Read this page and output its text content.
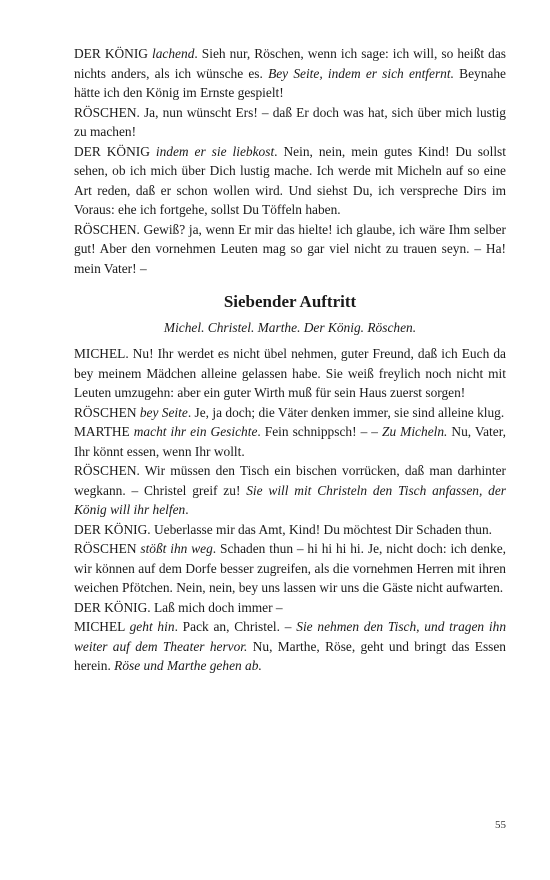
DER KÖNIG lachend. Sieh nur, Röschen, wenn ich sage: ich will, so heißt das nichts anders, als ich wünsche es. Bey Seite, indem er sich entfernt. Beynahe hätte ich den König im Ernste gespielt!

RÖSCHEN. Ja, nun wünscht Ers! – daß Er doch was hat, sich über mich lustig zu machen!

DER KÖNIG indem er sie liebkost. Nein, nein, mein gutes Kind! Du sollst sehen, ob ich mich über Dich lustig mache. Ich werde mit Micheln auf so eine Art reden, daß er schon wollen wird. Und siehst Du, ich verspreche Dirs im Voraus: ehe ich fortgehe, sollst Du Töffeln haben.

RÖSCHEN. Gewiß? ja, wenn Er mir das hielte! ich glaube, ich wäre Ihm selber gut! Aber den vornehmen Leuten mag so gar viel nicht zu trauen seyn. – Ha! mein Vater! –

Siebender Auftritt
Michel. Christel. Marthe. Der König. Röschen.

MICHEL. Nu! Ihr werdet es nicht übel nehmen, guter Freund, daß ich Euch da bey meinem Mädchen alleine gelassen habe. Sie weiß freylich noch nicht mit Leuten umzugehn: aber ein guter Wirth muß für sein Haus zuerst sorgen!

RÖSCHEN bey Seite. Je, ja doch; die Väter denken immer, sie sind alleine klug.

MARTHE macht ihr ein Gesichte. Fein schnippsch! – – Zu Micheln. Nu, Vater, Ihr könnt essen, wenn Ihr wollt.

RÖSCHEN. Wir müssen den Tisch ein bischen vorrücken, daß man darhinter wegkann. – Christel greif zu! Sie will mit Christeln den Tisch anfassen, der König will ihr helfen.

DER KÖNIG. Ueberlasse mir das Amt, Kind! Du möchtest Dir Schaden thun.

RÖSCHEN stößt ihn weg. Schaden thun – hi hi hi hi. Je, nicht doch: ich denke, wir können auf dem Dorfe besser zugreifen, als die vornehmen Herren mit ihren weichen Pfötchen. Nein, nein, bey uns lassen wir uns die Gäste nicht aufwarten.

DER KÖNIG. Laß mich doch immer –

MICHEL geht hin. Pack an, Christel. – Sie nehmen den Tisch, und tragen ihn weiter auf dem Theater hervor. Nu, Marthe, Röse, geht und bringt das Essen herein. Röse und Marthe gehen ab.

55
